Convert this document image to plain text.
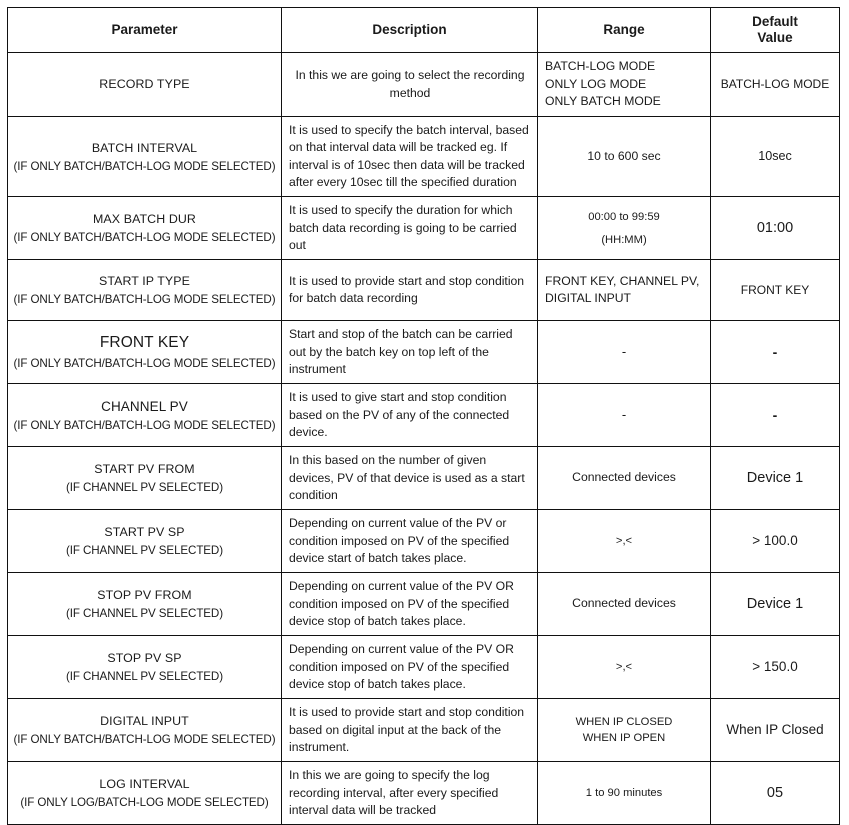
Parameter	Description	Range	Default
Value

RECORD TYPE	In this we are going to select the recording method	BATCH-LOG MODE
ONLY LOG MODE
ONLY BATCH MODE	BATCH-LOG MODE

BATCH INTERVAL
(IF ONLY BATCH/BATCH-LOG MODE SELECTED)	It is used to specify the batch interval, based on that interval data will be tracked eg. If interval is of 10sec then data will be tracked after every 10sec till the specified duration	10 to 600 sec	10sec

MAX BATCH DUR
(IF ONLY BATCH/BATCH-LOG MODE SELECTED)	It is used to specify the duration for which batch data recording is going to be carried out	00:00 to 99:59
(HH:MM)	01:00

START IP TYPE
(IF ONLY BATCH/BATCH-LOG MODE SELECTED)	It is used to provide start and stop condition for batch data recording	FRONT KEY, CHANNEL PV,
DIGITAL INPUT	FRONT KEY

FRONT KEY
(IF ONLY BATCH/BATCH-LOG MODE SELECTED)	Start and stop of the batch can be carried out by the batch key on top left of the instrument	-	-

CHANNEL PV
(IF ONLY BATCH/BATCH-LOG MODE SELECTED)	It is used to give start and stop condition based on the PV of any of the connected device.	-	-

START PV FROM
(IF CHANNEL PV SELECTED)	In this based on the number of given devices, PV of that device is used as a start condition	Connected devices	Device 1

START PV SP
(IF CHANNEL PV SELECTED)	Depending on current value of the PV or condition imposed on PV of the specified device start of batch takes place.	>,<	> 100.0

STOP PV FROM
(IF CHANNEL PV SELECTED)	Depending on current value of the PV OR condition imposed on PV of the specified device stop of batch takes place.	Connected devices	Device 1

STOP PV SP
(IF CHANNEL PV SELECTED)	Depending on current value of the PV OR condition imposed on PV of the specified device stop of batch takes place.	>,<	> 150.0

DIGITAL INPUT
(IF ONLY BATCH/BATCH-LOG MODE SELECTED)	It is used to provide start and stop condition based on digital input at the back of the instrument.	WHEN IP CLOSED
WHEN IP OPEN	When IP Closed

LOG INTERVAL
(IF ONLY LOG/BATCH-LOG MODE SELECTED)	In this we are going to specify the log recording interval, after every specified interval data will be tracked	1 to 90 minutes	05
